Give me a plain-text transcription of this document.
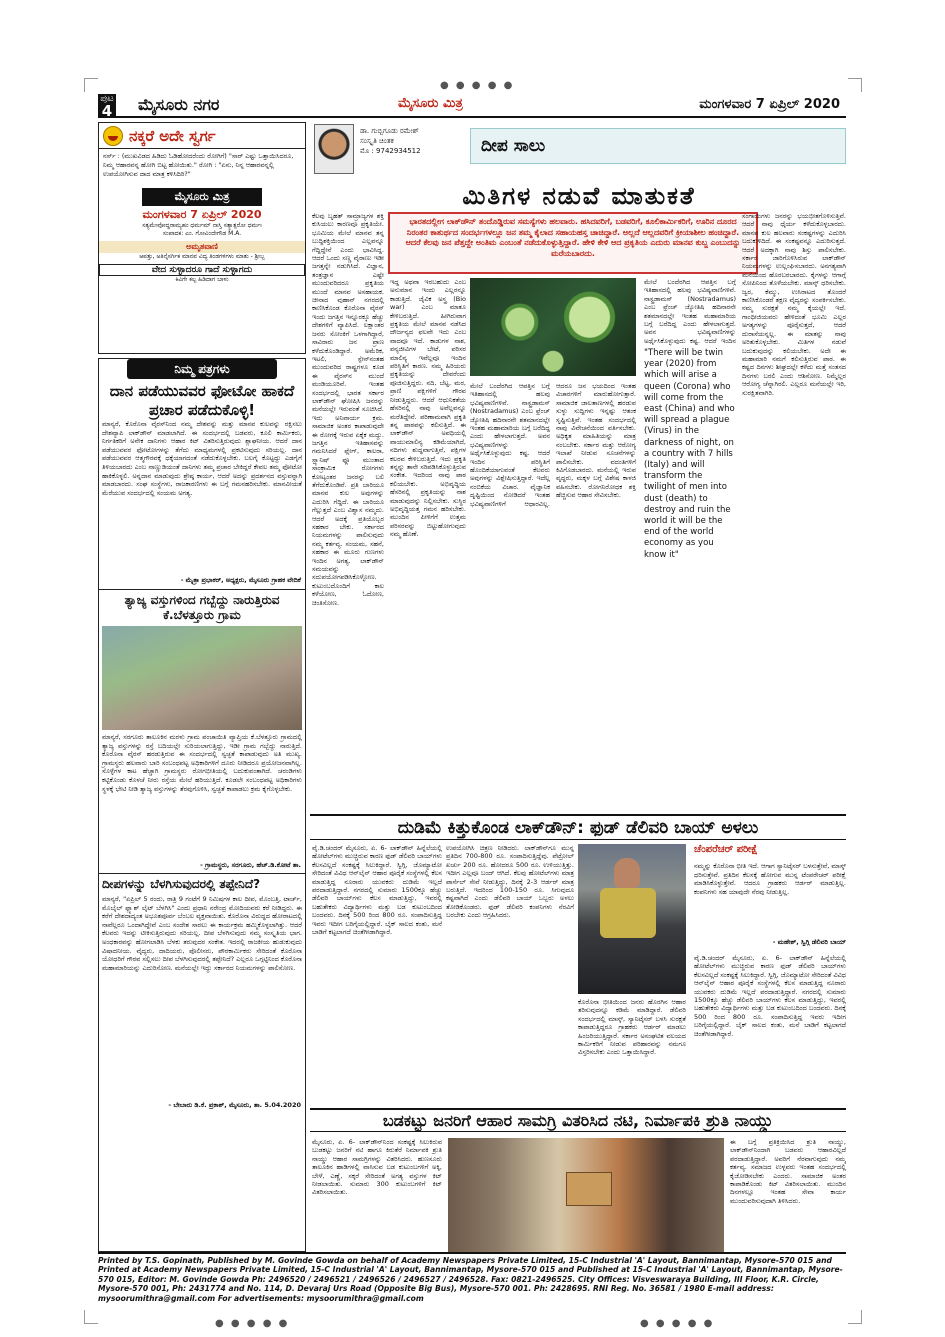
● ● ● ● ●
● ● ● ● ●	● ● ● ● ●
ಪುಟ
4 ಮೈಸೂರು ನಗರ	ಮೈಸೂರು ಮಿತ್ರ	ಮಂಗಳವಾರ 7 ಏಪ್ರಿಲ್ 2020
ನಕ್ಕರೆ ಅದೇ ಸ್ವರ್ಗ
ನರ್ಸ್ : (ಮುಖವಿಡದ ಹಿಡಿದು ಓಡಿಹೋದರೆಂದು ರೋಗಿಗೆ) "ಸಾರ್ ಎಷ್ಟು ಒತ್ತಾಯಿಸಿದರೂ, ನಿಮ್ಮ ಆಹಾರವನ್ನ ಹೋಗಿ ಬಿಟ್ಟ ಹೋಯಿತು." ರೋಗಿ : "ಏನು, ನಿನ್ನ ಆಹಾರವನ್ನಲ್ಲಿ ಉಪಯೋಗಿಸುವ ದಾದ ಮಾತ್ರ ಕಳಿಸಿದಿರಿ?"
ಮೈಸೂರು ಮಿತ್ರ
ಮಂಗಳವಾರ 7 ಏಪ್ರಿಲ್ 2020
ಸತ್ಯಮೇವೋದ್ಧರಾಮ್ಯಹಂ ಧರ್ಮಮ್ ನಾಸ್ತಿ ಸತ್ಯಾತ್ಪರೋ ಧರ್ಮಃ
ಸಂಪಾದಕ: ಎಂ. ಗೋವಿಂದೇಗೌಡ M.A.
ಅಮೃತವಾಣಿ
ಆಪತ್ತು, ಅತಿನೈಸರ್ಗಿಕ ಮಾನವ ವಿದ್ಯ ತಿಂಡಗಳಿಗಳು ಮಾತು - ಶ್ರೀಬ್ಬ
ವೇದ ಸುಳ್ಳಾದರೂ ಗಾದೆ ಸುಳ್ಳಾಗದು
ಕಿವಿಗೇ ಕಲ್ಪ ಹಿಡಿದಾಗ ಬಾಳು
ನಿಮ್ಮ ಪತ್ರಗಳು
ದಾನ ಪಡೆಯುವವರ ಫೋಟೋ ಹಾಕದೆ ಪ್ರಚಾರ ಪಡೆದುಕೊಳ್ಳಿ!
ಮಾನ್ಯರೆ, ಕೊರೊನಾ ವೈರಸ್‌ನಿಂದ ನಮ್ಮ ದೇಶವನ್ನು ಮತ್ತು ಮಾನವ ಕುಲವನ್ನು ರಕ್ಷಿಸಲು ದೇಶವ್ಯಾಪಿ ಲಾಕ್‌ಡೌನ್ ಮಾಡಲಾಗಿದೆ. ಈ ಸಂದರ್ಭದಲ್ಲಿ ಬಡವರು, ಕೂಲಿ ಕಾರ್ಮಿಕರು, ನಿರ್ಗತಿಕರಿಗೆ ಅನೇಕ ದಾನಿಗಳು ಆಹಾರ ಕಿಟ್ ವಿತರಿಸುತ್ತಿರುವುದು ಶ್ಲಾಘನೀಯ. ಆದರೆ ದಾನ ಪಡೆಯುವವರ ಫೋಟೋಗಳನ್ನು ತೆಗೆದು ಮಾಧ್ಯಮಗಳಲ್ಲಿ ಪ್ರಕಟಿಸುವುದು ಸರಿಯಲ್ಲ. ದಾನ ಪಡೆಯುವವರ ಆತ್ಮಗೌರವಕ್ಕೆ ಧಕ್ಕೆಯಾಗದಂತೆ ನಡೆದುಕೊಳ್ಳಬೇಕು. ಬಲಗೈ ಕೊಟ್ಟದ್ದು ಎಡಗೈಗೆ ತಿಳಿಯಬಾರದು ಎಂಬ ನಾಣ್ಣುಡಿಯಂತೆ ದಾನಿಗಳು ತಮ್ಮ ಪ್ರಚಾರ ಬೇಕಿದ್ದರೆ ಕೇವಲ ತಮ್ಮ ಫೋಟೋ ಹಾಕಿಕೊಳ್ಳಲಿ. ಅನ್ನದಾನ ಮಾಡುವುದು ಶ್ರೇಷ್ಠ ಕಾರ್ಯ, ಆದರೆ ಅದನ್ನು ಪ್ರದರ್ಶನದ ವಸ್ತುವನ್ನಾಗಿ ಮಾಡಬಾರದು. ಸಂಘ ಸಂಸ್ಥೆಗಳು, ರಾಜಕಾರಣಿಗಳು ಈ ಬಗ್ಗೆ ಗಮನಹರಿಸಬೇಕು. ಮಾನವೀಯತೆ ಮೆರೆಯುವ ಸಂದರ್ಭದಲ್ಲಿ ಸಂಯಮ ಅಗತ್ಯ.
- ಮೈತ್ರಾ ಪ್ರಭಾಕರ್, ಅಧ್ಯಕ್ಷರು, ಮೈಸೂರು ಗ್ರಾಹಕ ವೇದಿಕೆ
ತ್ಯಾಜ್ಯ ವಸ್ತುಗಳಿಂದ ಗಬ್ಬೆದ್ದು ನಾರುತ್ತಿರುವ ಕೆ.ಬೆಳತ್ತೂರು ಗ್ರಾಮ
ಮಾನ್ಯರೆ, ಸರಗೂರು ತಾಲೂಕಿನ ಮರಳು ಗ್ರಾಮ ಪಂಚಾಯಿತಿ ವ್ಯಾಪ್ತಿಯ ಕೆ.ಬೆಳತ್ತೂರು ಗ್ರಾಮದಲ್ಲಿ ತ್ಯಾಜ್ಯ ವಸ್ತುಗಳನ್ನು ರಸ್ತೆ ಬದಿಯಲ್ಲೇ ಸುರಿಯಲಾಗುತ್ತಿದ್ದು, ಇಡೀ ಗ್ರಾಮ ಗಬ್ಬೆದ್ದು ನಾರುತ್ತಿದೆ. ಕೊರೊನಾ ವೈರಸ್ ಹರಡುತ್ತಿರುವ ಈ ಸಂದರ್ಭದಲ್ಲಿ ಸ್ವಚ್ಛತೆ ಕಾಪಾಡುವುದು ಅತಿ ಮುಖ್ಯ. ಗ್ರಾಮಸ್ಥರು ಹಲವಾರು ಬಾರಿ ಸಂಬಂಧಪಟ್ಟ ಅಧಿಕಾರಿಗಳಿಗೆ ದೂರು ನೀಡಿದರೂ ಪ್ರಯೋಜನವಾಗಿಲ್ಲ. ಸೊಳ್ಳೆಗಳ ಕಾಟ ಹೆಚ್ಚಾಗಿ ಗ್ರಾಮಸ್ಥರು ರೋಗಭೀತಿಯಲ್ಲಿ ಬದುಕುವಂತಾಗಿದೆ. ಚರಂಡಿಗಳು ಕಟ್ಟಿಕೊಂಡು ಕೊಳಚೆ ನೀರು ರಸ್ತೆಯ ಮೇಲೆ ಹರಿಯುತ್ತಿದೆ. ಕೂಡಲೇ ಸಂಬಂಧಪಟ್ಟ ಅಧಿಕಾರಿಗಳು ಸ್ಥಳಕ್ಕೆ ಭೇಟಿ ನೀಡಿ ತ್ಯಾಜ್ಯ ವಸ್ತುಗಳನ್ನು ತೆರವುಗೊಳಿಸಿ, ಸ್ವಚ್ಛತೆ ಕಾಪಾಡಲು ಕ್ರಮ ಕೈಗೊಳ್ಳಬೇಕು.
- ಗ್ರಾಮಸ್ಥರು, ಸರಗೂರು, ಹೆಚ್.ಡಿ.ಕೋಟೆ ತಾ.
ದೀಪಗಳನ್ನು ಬೆಳಗಿಸುವುದರಲ್ಲಿ ತಪ್ಪೇನಿದೆ?
ಮಾನ್ಯರೆ, "ಏಪ್ರಿಲ್ 5 ರಂದು, ರಾತ್ರಿ 9 ಗಂಟೆಗೆ 9 ನಿಮಿಷಗಳ ಕಾಲ ದೀಪ, ಮೊಂಬತ್ತಿ, ಟಾರ್ಚ್, ಮೊಬೈಲ್ ಫ್ಲ್ಯಾಶ್ ಲೈಟ್ ಬೆಳಗಿಸಿ" ಎಂದು ಪ್ರಧಾನಿ ನರೇಂದ್ರ ಮೋದಿಯವರು ಕರೆ ನೀಡಿದ್ದರು. ಈ ಕರೆಗೆ ದೇಶದಾದ್ಯಂತ ಅಭೂತಪೂರ್ವ ಬೆಂಬಲ ವ್ಯಕ್ತವಾಯಿತು. ಕೊರೊನಾ ವಿರುದ್ಧದ ಹೋರಾಟದಲ್ಲಿ ನಾವೆಲ್ಲರೂ ಒಂದಾಗಿದ್ದೇವೆ ಎಂಬ ಸಂದೇಶ ಸಾರಲು ಈ ಕಾರ್ಯಕ್ರಮ ಹಮ್ಮಿಕೊಳ್ಳಲಾಗಿತ್ತು. ಆದರೆ ಕೆಲವರು ಇದನ್ನು ಟೀಕಿಸುತ್ತಿರುವುದು ಸರಿಯಲ್ಲ. ದೀಪ ಬೆಳಗಿಸುವುದು ನಮ್ಮ ಸಂಸ್ಕೃತಿಯ ಭಾಗ. ಅಂಧಕಾರವನ್ನು ಹೋಗಲಾಡಿಸಿ ಬೆಳಕು ತರುವುದರ ಸಂಕೇತ. ಇದರಲ್ಲಿ ರಾಜಕೀಯ ಹುಡುಕುವುದು ವಿಷಾದನೀಯ. ವೈದ್ಯರು, ದಾದಿಯರು, ಪೊಲೀಸರು, ಪೌರಕಾರ್ಮಿಕರು ಸೇರಿದಂತೆ ಕೊರೊನಾ ಯೋಧರಿಗೆ ಗೌರವ ಸಲ್ಲಿಸಲು ದೀಪ ಬೆಳಗಿಸುವುದರಲ್ಲಿ ತಪ್ಪೇನಿದೆ? ಎಲ್ಲರೂ ಒಗ್ಗಟ್ಟಿನಿಂದ ಕೊರೊನಾ ಮಹಾಮಾರಿಯನ್ನು ಎದುರಿಸೋಣ. ಮನೆಯಲ್ಲೇ ಇದ್ದು ಸರ್ಕಾರದ ನಿಯಮಗಳನ್ನು ಪಾಲಿಸೋಣ.
- ಬೇಬಾರು ಡಿ.ಕೆ. ಪ್ರಕಾಶ್, ಮೈಸೂರು, ತಾ. 5.04.2020
ಡಾ. ಗುಬ್ಬಿಗೂಡು ರಮೇಶ್
ಸಂಸ್ಕೃತಿ ಚಿಂತಕ
ಮೊ : 9742934512	ದೀಪ ಸಾಲು
ಮಿತಿಗಳ ನಡುವೆ ಮಾತುಕತೆ
ಭಾರತದಲ್ಲೀಗ ಲಾಕ್‌ಡೌನ್ ತಂದೊಡ್ಡಿರುವ ಸಮಸ್ಯೆಗಳು ಹಲವಾರು. ಹಸಿದವರಿಗೆ, ಬಡವರಿಗೆ, ಕೂಲಿಕಾರ್ಮಿಕರಿಗೆ, ಊರಿನ ದೂರದ ನಿರಂತರ ಕಾತುರ್ಥದ ಸಂದರ್ಭಗಳಲ್ಲೂ ಜನ ತಮ್ಮ ಕೈಲಾದ ಸಹಾಯಹಸ್ತ ಚಾಚಿದ್ದಾರೆ. ಅಲ್ಲದೆ ಆಲ್ಲದವರಿಗೆ ಕ್ರೀಯಾಶೀಲ ಹಂಚಿದ್ದಾರೆ. ಆದರೆ ಕೆಲವು ಜನ ಪೆತ್ತದ್ದೇ ಅಂತಿಮ ಎಂಬಂತೆ ನಡೆದುಕೊಳ್ಳುತ್ತಿದ್ದಾರೆ. ಹೇಳಿ ಕೇಳಿ ಆದ ಪ್ರಕೃತಿಯ ಎದುರು ಮಾನವ ಕುಬ್ಜ ಎಂಬುದನ್ನು ಮರೆಯಬಾರದು.
ಕೆಲವು ಬೃಹತ್ ಸಾಮ್ರಾಜ್ಯಗಳ ಶಕ್ತಿ ಕುಸಿಯಲು ಕಾರಣವೂ ಪ್ರಕೃತಿಯೇ. ಭೂಮಿಯ ಮೇಲೆ ಮಾನವ ತನ್ನ ಬುದ್ಧಿಶಕ್ತಿಯಿಂದ ಎಲ್ಲವನ್ನೂ ಗೆದ್ದಿದ್ದೇನೆ ಎಂದು ಭಾವಿಸಿದ್ದ. ಆದರೆ ಒಂದು ಸಣ್ಣ ವೈರಾಣು ಇಡೀ ಜಗತ್ತನ್ನೇ ನಡುಗಿಸಿದೆ. ವಿಜ್ಞಾನ, ತಂತ್ರಜ್ಞಾನ ಎಷ್ಟೇ ಮುಂದುವರಿದರೂ ಪ್ರಕೃತಿಯ ಮುಂದೆ ಮಾನವ ಅಸಹಾಯಕ. ಚೀನಾದ ವುಹಾನ್ ನಗರದಲ್ಲಿ ಕಾಣಿಸಿಕೊಂಡ ಕೊರೊನಾ ವೈರಸ್ ಇಂದು ಜಗತ್ತಿನ ಇನ್ನೂರಕ್ಕೂ ಹೆಚ್ಚು ದೇಶಗಳಿಗೆ ವ್ಯಾಪಿಸಿದೆ. ಲಕ್ಷಾಂತರ ಜನರು ಸೋಂಕಿಗೆ ಒಳಗಾಗಿದ್ದಾರೆ, ಸಾವಿರಾರು ಜನ ಪ್ರಾಣ ಕಳೆದುಕೊಂಡಿದ್ದಾರೆ. ಅಮೆರಿಕ, ಇಟಲಿ, ಸ್ಪೇನ್‌ನಂತಹ ಮುಂದುವರಿದ ರಾಷ್ಟ್ರಗಳೂ ಕೂಡ ಈ ವೈರಸ್‌ನ ಮುಂದೆ ಮಂಡಿಯೂರಿವೆ. ಇಂತಹ ಸಂದರ್ಭದಲ್ಲಿ ಭಾರತ ಸರ್ಕಾರ ಲಾಕ್‌ಡೌನ್ ಘೋಷಿಸಿ ಜನರನ್ನು ಮನೆಯಲ್ಲೇ ಇರುವಂತೆ ಸೂಚಿಸಿದೆ. ಇದು ಅನಿವಾರ್ಯ ಕ್ರಮ. ಸಾಮಾಜಿಕ ಅಂತರ ಕಾಪಾಡುವುದೇ ಈ ರೋಗಕ್ಕೆ ಇರುವ ಏಕೈಕ ಮದ್ದು. ಜಗತ್ತಿನ ಇತಿಹಾಸವನ್ನು ಗಮನಿಸಿದರೆ ಪ್ಲೇಗ್, ಕಾಲರಾ, ಸ್ಪ್ಯಾನಿಷ್ ಫ್ಲೂ ಮುಂತಾದ ಸಾಂಕ್ರಾಮಿಕ ರೋಗಗಳು ಕೋಟ್ಯಂತರ ಜನರನ್ನು ಬಲಿ ತೆಗೆದುಕೊಂಡಿವೆ. ಪ್ರತಿ ಬಾರಿಯೂ ಮಾನವ ಕುಲ ಅವುಗಳನ್ನು ಎದುರಿಸಿ ಗೆದ್ದಿದೆ. ಈ ಬಾರಿಯೂ ಗೆಲ್ಲುತ್ತದೆ ಎಂಬ ವಿಶ್ವಾಸ ನಮ್ಮದು. ಆದರೆ ಅದಕ್ಕೆ ಪ್ರತಿಯೊಬ್ಬರ ಸಹಕಾರ ಬೇಕು. ಸರ್ಕಾರದ ನಿಯಮಗಳನ್ನು ಪಾಲಿಸುವುದು ನಮ್ಮ ಕರ್ತವ್ಯ. ಸಂಯಮ, ಸಹನೆ, ಸಹಕಾರ ಈ ಮೂರು ಗುಣಗಳು ಇಂದಿನ ಅಗತ್ಯ. ಲಾಕ್‌ಡೌನ್ ಸಮಯವನ್ನು ಸದುಪಯೋಗಪಡಿಸಿಕೊಳ್ಳೋಣ. ಕುಟುಂಬದೊಂದಿಗೆ ಕಾಲ ಕಳೆಯೋಣ, ಓದೋಣ, ಚಿಂತಿಸೋಣ.
ಇದ್ದ ಅಥವಾ ಇರಬಹುದು ಎಂಬ ಅನುಮಾನ ಇಂದು ಎಲ್ಲರನ್ನೂ ಕಾಡುತ್ತಿದೆ. ಜೈವಿಕ ಅಸ್ತ್ರ (Bio war) ಎಂಬ ಮಾತೂ ಕೇಳಿಬರುತ್ತಿದೆ. ಹೀಗಿರುವಾಗ ಪ್ರಕೃತಿಯ ಮೇಲೆ ಮಾನವ ನಡೆಸಿದ ದೌರ್ಜನ್ಯದ ಫಲವೇ ಇದು ಎಂಬ ವಾದವೂ ಇದೆ. ಕಾಡುಗಳ ನಾಶ, ವನ್ಯಜೀವಿಗಳ ಬೇಟೆ, ಪರಿಸರ ಮಾಲಿನ್ಯ ಇವೆಲ್ಲವೂ ಇಂದಿನ ಪರಿಸ್ಥಿತಿಗೆ ಕಾರಣ. ನಮ್ಮ ಹಿರಿಯರು ಪ್ರಕೃತಿಯನ್ನು ದೇವರೆಂದು ಪೂಜಿಸುತ್ತಿದ್ದರು. ನದಿ, ಬೆಟ್ಟ, ಮರ, ಪ್ರಾಣಿ ಪಕ್ಷಿಗಳಿಗೆ ಗೌರವ ನೀಡುತ್ತಿದ್ದರು. ಆದರೆ ಆಧುನಿಕತೆಯ ಹೆಸರಿನಲ್ಲಿ ನಾವು ಅವೆಲ್ಲವನ್ನೂ ಮರೆತಿದ್ದೇವೆ. ಪರಿಣಾಮವಾಗಿ ಪ್ರಕೃತಿ ತನ್ನ ಪಾಠವನ್ನು ಕಲಿಸುತ್ತಿದೆ. ಈ ಲಾಕ್‌ಡೌನ್ ಅವಧಿಯಲ್ಲಿ ವಾಯುಮಾಲಿನ್ಯ ಕಡಿಮೆಯಾಗಿದೆ, ನದಿಗಳು ಶುದ್ಧವಾಗುತ್ತಿವೆ, ಪಕ್ಷಿಗಳ ಕಲರವ ಕೇಳಿಬರುತ್ತಿದೆ. ಇದು ಪ್ರಕೃತಿ ತನ್ನನ್ನು ತಾನೇ ಸರಿಪಡಿಸಿಕೊಳ್ಳುತ್ತಿರುವ ಸಂಕೇತ. ಇದರಿಂದ ನಾವು ಪಾಠ ಕಲಿಯಬೇಕು. ಅಭಿವೃದ್ಧಿಯ ಹೆಸರಿನಲ್ಲಿ ಪ್ರಕೃತಿಯನ್ನು ನಾಶ ಮಾಡುವುದನ್ನು ನಿಲ್ಲಿಸಬೇಕು. ಸುಸ್ಥಿರ ಅಭಿವೃದ್ಧಿಯತ್ತ ಗಮನ ಹರಿಸಬೇಕು. ಮುಂದಿನ ಪೀಳಿಗೆಗೆ ಉತ್ತಮ ಪರಿಸರವನ್ನು ಬಿಟ್ಟುಹೋಗುವುದು ನಮ್ಮ ಹೊಣೆ.
ಮೇಲೆ ಬಂದೆರಗಿದ ಆಪತ್ತಿನ ಬಗ್ಗೆ ಇತಿಹಾಸದಲ್ಲಿ ಹಲವು ಭವಿಷ್ಯವಾಣಿಗಳಿವೆ. ನಾಸ್ಟ್ರಡಾಮಸ್ (Nostradamus) ಎಂಬ ಫ್ರೆಂಚ್ ಜ್ಯೋತಿಷಿ ಹದಿನಾರನೇ ಶತಮಾನದಲ್ಲೇ ಇಂತಹ ಮಹಾಮಾರಿಯ ಬಗ್ಗೆ ಬರೆದಿದ್ದ ಎಂದು ಹೇಳಲಾಗುತ್ತದೆ. ಅವನ ಭವಿಷ್ಯವಾಣಿಗಳನ್ನು ಅರ್ಥೈಸಿಕೊಳ್ಳುವುದು ಕಷ್ಟ. ಆದರೆ ಇಂದಿನ ಪರಿಸ್ಥಿತಿಗೆ ಹೊಂದಿಕೆಯಾಗುವಂತೆ ಕೆಲವರು ಅವುಗಳನ್ನು ವಿಶ್ಲೇಷಿಸುತ್ತಿದ್ದಾರೆ. ಇದೆಲ್ಲ ನಂಬಿಕೆಯ ವಿಚಾರ. ವೈಜ್ಞಾನಿಕ ದೃಷ್ಟಿಯಿಂದ ನೋಡಿದರೆ ಇಂತಹ ಭವಿಷ್ಯವಾಣಿಗಳಿಗೆ ಆಧಾರವಿಲ್ಲ. ಆದರೂ ಜನ ಭಯದಿಂದ ಇಂತಹ ವಿಚಾರಗಳಿಗೆ ಮಾರುಹೋಗುತ್ತಾರೆ. ಸಾಮಾಜಿಕ ಜಾಲತಾಣಗಳಲ್ಲಿ ಹರಡುವ ಸುಳ್ಳು ಸುದ್ದಿಗಳು ಇನ್ನಷ್ಟು ಆತಂಕ ಸೃಷ್ಟಿಸುತ್ತಿವೆ. ಇಂತಹ ಸಂದರ್ಭದಲ್ಲಿ ನಾವು ವಿವೇಚನೆಯಿಂದ ವರ್ತಿಸಬೇಕು. ಅಧಿಕೃತ ಮಾಹಿತಿಯನ್ನು ಮಾತ್ರ ನಂಬಬೇಕು. ಸರ್ಕಾರ ಮತ್ತು ಆರೋಗ್ಯ ಇಲಾಖೆ ನೀಡುವ ಸೂಚನೆಗಳನ್ನು ಪಾಲಿಸಬೇಕು. ವದಂತಿಗಳಿಗೆ ಕಿವಿಗೊಡಬಾರದು. ಮನೆಯಲ್ಲಿ ಇರುವ ವೃದ್ಧರು, ಮಕ್ಕಳ ಬಗ್ಗೆ ವಿಶೇಷ ಕಾಳಜಿ ವಹಿಸಬೇಕು. ರೋಗನಿರೋಧಕ ಶಕ್ತಿ ಹೆಚ್ಚಿಸುವ ಆಹಾರ ಸೇವಿಸಬೇಕು.
ಮೇಲೆ ಬಂದೆರಗಿದ ಆಪತ್ತಿನ ಬಗ್ಗೆ ಇತಿಹಾಸದಲ್ಲಿ ಹಲವು ಭವಿಷ್ಯವಾಣಿಗಳಿವೆ. ನಾಸ್ಟ್ರಡಾಮಸ್ (Nostradamus) ಎಂಬ ಫ್ರೆಂಚ್ ಜ್ಯೋತಿಷಿ ಹದಿನಾರನೇ ಶತಮಾನದಲ್ಲೇ ಇಂತಹ ಮಹಾಮಾರಿಯ ಬಗ್ಗೆ ಬರೆದಿದ್ದ ಎಂದು ಹೇಳಲಾಗುತ್ತದೆ. ಅವನ ಭವಿಷ್ಯವಾಣಿಗಳನ್ನು ಅರ್ಥೈಸಿಕೊಳ್ಳುವುದು ಕಷ್ಟ. ಆದರೆ ಇಂದಿನ
"There will be twin year (2020) from which will arise a queen (Corona) who will come from the east (China) and who will spread a plague (Virus) in the darkness of night, on a country with 7 hills (Italy) and will transform the twilight of men into dust (death) to destroy and ruin the world it will be the end of the world economy as you know it"
ಸಂಗಾಯಿಗಳು ಜನರನ್ನು ಭಯಭೀತಗೊಳಿಸುತ್ತಿವೆ. ಆದರೆ ನಾವು ಧೈರ್ಯ ಕಳೆದುಕೊಳ್ಳಬಾರದು. ಮಾನವ ಕುಲ ಹಲವಾರು ಸಂಕಷ್ಟಗಳನ್ನು ಎದುರಿಸಿ ಬದುಕುಳಿದಿದೆ. ಈ ಸಂಕಷ್ಟವನ್ನೂ ಎದುರಿಸುತ್ತದೆ. ಆದರೆ ಅದಕ್ಕಾಗಿ ನಾವು ಶಿಸ್ತು ಪಾಲಿಸಬೇಕು. ಸರ್ಕಾರ ಜಾರಿಗೊಳಿಸಿರುವ ಲಾಕ್‌ಡೌನ್ ನಿಯಮಗಳನ್ನು ಉಲ್ಲಂಘಿಸಬಾರದು. ಅನಗತ್ಯವಾಗಿ ಮನೆಯಿಂದ ಹೊರಬರಬಾರದು. ಕೈಗಳನ್ನು ಆಗಾಗ್ಗೆ ಸೋಪಿನಿಂದ ತೊಳೆಯಬೇಕು. ಮಾಸ್ಕ್ ಧರಿಸಬೇಕು. ಜ್ವರ, ಕೆಮ್ಮು, ಉಸಿರಾಟದ ತೊಂದರೆ ಕಾಣಿಸಿಕೊಂಡರೆ ತಕ್ಷಣ ವೈದ್ಯರನ್ನು ಸಂಪರ್ಕಿಸಬೇಕು. ನಮ್ಮ ಸುರಕ್ಷತೆ ನಮ್ಮ ಕೈಯಲ್ಲೇ ಇದೆ. ಗಾಂಧೀಜಿಯವರು ಹೇಳಿದಂತೆ ಭೂಮಿ ಎಲ್ಲರ ಅಗತ್ಯಗಳನ್ನು ಪೂರೈಸುತ್ತದೆ, ಆದರೆ ದುರಾಸೆಯನ್ನಲ್ಲ. ಈ ಮಾತನ್ನು ನಾವು ಅರಿತುಕೊಳ್ಳಬೇಕು. ಮಿತಿಗಳ ನಡುವೆ ಬದುಕುವುದನ್ನು ಕಲಿಯಬೇಕು. ಅದೇ ಈ ಮಹಾಮಾರಿ ನಮಗೆ ಕಲಿಸುತ್ತಿರುವ ಪಾಠ. ಈ ಕಷ್ಟದ ದಿನಗಳು ಶೀಘ್ರದಲ್ಲೇ ಕಳೆದು ಮತ್ತೆ ಸಂತಸದ ದಿನಗಳು ಬರಲಿ ಎಂದು ಆಶಿಸೋಣ. ನಿಮ್ಮೆಲ್ಲರ ಆರೋಗ್ಯ ಚೆನ್ನಾಗಿರಲಿ. ಎಲ್ಲರೂ ಮನೆಯಲ್ಲೇ ಇರಿ, ಸುರಕ್ಷಿತವಾಗಿರಿ.
ದುಡಿಮೆ ಕಿತ್ತುಕೊಂಡ ಲಾಕ್‌ಡೌನ್: ಫುಡ್ ಡೆಲಿವರಿ ಬಾಯ್ ಅಳಲು
ವೈ.ಡಿ.ಚಂದರ್ ಮೈಸೂರು, ಏ. 6- ಲಾಕ್‌ಡೌನ್ ಹಿನ್ನೆಲೆಯಲ್ಲಿ ಹೋಟೆಲ್‌ಗಳು ಮುಚ್ಚಿರುವ ಕಾರಣ ಫುಡ್ ಡೆಲಿವರಿ ಬಾಯ್‌ಗಳು ಕೆಲಸವಿಲ್ಲದೆ ಸಂಕಷ್ಟಕ್ಕೆ ಸಿಲುಕಿದ್ದಾರೆ. ಸ್ವಿಗ್ಗಿ, ಜೊಮ್ಯಾಟೋ ಸೇರಿದಂತೆ ವಿವಿಧ ಆನ್‌ಲೈನ್ ಆಹಾರ ಪೂರೈಕೆ ಸಂಸ್ಥೆಗಳಲ್ಲಿ ಕೆಲಸ ಮಾಡುತ್ತಿದ್ದ ನೂರಾರು ಯುವಕರು ದುಡಿಮೆ ಇಲ್ಲದೆ ಪರದಾಡುತ್ತಿದ್ದಾರೆ. ನಗರದಲ್ಲಿ ಸುಮಾರು 1500ಕ್ಕೂ ಹೆಚ್ಚು ಡೆಲಿವರಿ ಬಾಯ್‌ಗಳು ಕೆಲಸ ಮಾಡುತ್ತಿದ್ದು, ಇವರಲ್ಲಿ ಬಹುತೇಕರು ವಿದ್ಯಾರ್ಥಿಗಳು ಮತ್ತು ಬಡ ಕುಟುಂಬದಿಂದ ಬಂದವರು. ದಿನಕ್ಕೆ 500 ರಿಂದ 800 ರೂ. ಸಂಪಾದಿಸುತ್ತಿದ್ದ ಇವರು ಇದೀಗ ಬರಿಗೈಯಲ್ಲಿದ್ದಾರೆ. ಬೈಕ್ ಸಾಲದ ಕಂತು, ಮನೆ ಬಾಡಿಗೆ ಕಟ್ಟಲಾಗದೆ ಚಿಂತೆಗೀಡಾಗಿದ್ದಾರೆ.
ಉಪಯೋಗಿಸಿ ಚಿತ್ರಣ ನೀಡಿದರು. ಲಾಕ್‌ಡೌನ್‌ಗೂ ಮುನ್ನ ಪ್ರತಿದಿನ 700-800 ರೂ. ಸಂಪಾದಿಸುತ್ತಿದ್ದೆವು. ಪೆಟ್ರೋಲ್ ಖರ್ಚು 200 ರೂ. ಹೋದರೂ 500 ರೂ. ಉಳಿಯುತ್ತಿತ್ತು. ಇದೀಗ ಎಲ್ಲವೂ ಬಂದ್ ಆಗಿದೆ. ಕೆಲವು ಹೋಟೆಲ್‌ಗಳು ಮಾತ್ರ ಪಾರ್ಸೆಲ್ ಸೇವೆ ನೀಡುತ್ತಿದ್ದು, ದಿನಕ್ಕೆ 2-3 ಆರ್ಡರ್ ಮಾತ್ರ ಬರುತ್ತಿದೆ. ಇದರಿಂದ 100-150 ರೂ. ಸಿಗುವುದೂ ಕಷ್ಟವಾಗಿದೆ ಎಂದು ಡೆಲಿವರಿ ಬಾಯ್ ಒಬ್ಬರು ಅಳಲು ತೋಡಿಕೊಂಡರು. ಫುಡ್ ಡೆಲಿವರಿ ಕಂಪನಿಗಳು ನೆರವಿಗೆ ಬರಬೇಕು ಎಂದು ಆಗ್ರಹಿಸಿದರು.
ಕೊರೊನಾ ಭೀತಿಯಿಂದ ಜನರು ಹೊರಗಿನ ಆಹಾರ ತರಿಸುವುದನ್ನೂ ಕಡಿಮೆ ಮಾಡಿದ್ದಾರೆ. ಡೆಲಿವರಿ ಸಂದರ್ಭದಲ್ಲಿ ಮಾಸ್ಕ್, ಸ್ಯಾನಿಟೈಸರ್ ಬಳಸಿ ಸುರಕ್ಷತೆ ಕಾಪಾಡುತ್ತಿದ್ದರೂ ಗ್ರಾಹಕರು ಆರ್ಡರ್ ಮಾಡಲು ಹಿಂಜರಿಯುತ್ತಿದ್ದಾರೆ. ಸರ್ಕಾರ ಅಸಂಘಟಿತ ವಲಯದ ಕಾರ್ಮಿಕರಿಗೆ ನೀಡುವ ಪರಿಹಾರವನ್ನು ನಮಗೂ ವಿಸ್ತರಿಸಬೇಕು ಎಂದು ಒತ್ತಾಯಿಸಿದ್ದಾರೆ.
ಚೆಂಪರೆಚರ್ ಪರೀಕ್ಷೆ
ನಮ್ಮನ್ನು ಕೊರೊನಾ ಭೀತಿ ಇದೆ. ಆಗಾಗ ಸ್ಯಾನಿಟೈಸರ್ ಬಳಸುತ್ತೇವೆ, ಮಾಸ್ಕ್ ಧರಿಸುತ್ತೇವೆ. ಪ್ರತಿದಿನ ಕೆಲಸಕ್ಕೆ ಹೋಗುವ ಮುನ್ನ ಟೆಂಪರೇಚರ್ ಪರೀಕ್ಷೆ ಮಾಡಿಸಿಕೊಳ್ಳುತ್ತೇವೆ. ಆದರೂ ಗ್ರಾಹಕರು ಆರ್ಡರ್ ಮಾಡುತ್ತಿಲ್ಲ. ಕಂಪನಿಗಳು ಸಹ ಯಾವುದೇ ನೆರವು ನೀಡುತ್ತಿಲ್ಲ.
- ಮಹೇಶ್, ಸ್ವಿಗ್ಗಿ ಡೆಲಿವರಿ ಬಾಯ್
ವೈ.ಡಿ.ಚಂದರ್ ಮೈಸೂರು, ಏ. 6- ಲಾಕ್‌ಡೌನ್ ಹಿನ್ನೆಲೆಯಲ್ಲಿ ಹೋಟೆಲ್‌ಗಳು ಮುಚ್ಚಿರುವ ಕಾರಣ ಫುಡ್ ಡೆಲಿವರಿ ಬಾಯ್‌ಗಳು ಕೆಲಸವಿಲ್ಲದೆ ಸಂಕಷ್ಟಕ್ಕೆ ಸಿಲುಕಿದ್ದಾರೆ. ಸ್ವಿಗ್ಗಿ, ಜೊಮ್ಯಾಟೋ ಸೇರಿದಂತೆ ವಿವಿಧ ಆನ್‌ಲೈನ್ ಆಹಾರ ಪೂರೈಕೆ ಸಂಸ್ಥೆಗಳಲ್ಲಿ ಕೆಲಸ ಮಾಡುತ್ತಿದ್ದ ನೂರಾರು ಯುವಕರು ದುಡಿಮೆ ಇಲ್ಲದೆ ಪರದಾಡುತ್ತಿದ್ದಾರೆ. ನಗರದಲ್ಲಿ ಸುಮಾರು 1500ಕ್ಕೂ ಹೆಚ್ಚು ಡೆಲಿವರಿ ಬಾಯ್‌ಗಳು ಕೆಲಸ ಮಾಡುತ್ತಿದ್ದು, ಇವರಲ್ಲಿ ಬಹುತೇಕರು ವಿದ್ಯಾರ್ಥಿಗಳು ಮತ್ತು ಬಡ ಕುಟುಂಬದಿಂದ ಬಂದವರು. ದಿನಕ್ಕೆ 500 ರಿಂದ 800 ರೂ. ಸಂಪಾದಿಸುತ್ತಿದ್ದ ಇವರು ಇದೀಗ ಬರಿಗೈಯಲ್ಲಿದ್ದಾರೆ. ಬೈಕ್ ಸಾಲದ ಕಂತು, ಮನೆ ಬಾಡಿಗೆ ಕಟ್ಟಲಾಗದೆ ಚಿಂತೆಗೀಡಾಗಿದ್ದಾರೆ.
ಬಡಕಟ್ಟು ಜನರಿಗೆ ಆಹಾರ ಸಾಮಗ್ರಿ ವಿತರಿಸಿದ ನಟಿ, ನಿರ್ಮಾಪಕಿ ಶ್ರುತಿ ನಾಯ್ಡು
ಮೈಸೂರು, ಏ. 6- ಲಾಕ್‌ಡೌನ್‌ನಿಂದ ಸಂಕಷ್ಟಕ್ಕೆ ಸಿಲುಕಿರುವ ಬುಡಕಟ್ಟು ಜನರಿಗೆ ನಟಿ ಹಾಗೂ ಕಿರುತೆರೆ ನಿರ್ಮಾಪಕಿ ಶ್ರುತಿ ನಾಯ್ಡು ಆಹಾರ ಸಾಮಗ್ರಿಗಳನ್ನು ವಿತರಿಸಿದರು. ಹುಣಸೂರು ತಾಲೂಕಿನ ಹಾಡಿಗಳಲ್ಲಿ ವಾಸಿಸುವ ಬಡ ಕುಟುಂಬಗಳಿಗೆ ಅಕ್ಕಿ, ಬೇಳೆ, ಎಣ್ಣೆ, ಸಕ್ಕರೆ ಸೇರಿದಂತೆ ಅಗತ್ಯ ವಸ್ತುಗಳ ಕಿಟ್ ನೀಡಲಾಯಿತು. ಸುಮಾರು 300 ಕುಟುಂಬಗಳಿಗೆ ಕಿಟ್ ವಿತರಿಸಲಾಯಿತು.
ಈ ಬಗ್ಗೆ ಪ್ರತಿಕ್ರಿಯಿಸಿದ ಶ್ರುತಿ ನಾಯ್ಡು, ಲಾಕ್‌ಡೌನ್‌ನಿಂದಾಗಿ ಬಡವರು ಆಹಾರವಿಲ್ಲದೆ ಪರದಾಡುತ್ತಿದ್ದಾರೆ. ಅವರಿಗೆ ನೆರವಾಗುವುದು ನಮ್ಮ ಕರ್ತವ್ಯ. ಸಮಾಜದ ಉಳ್ಳವರು ಇಂತಹ ಸಂದರ್ಭದಲ್ಲಿ ಕೈಜೋಡಿಸಬೇಕು ಎಂದರು. ಸಾಮಾಜಿಕ ಅಂತರ ಕಾಪಾಡಿಕೊಂಡು ಕಿಟ್ ವಿತರಿಸಲಾಯಿತು. ಮುಂದಿನ ದಿನಗಳಲ್ಲೂ ಇಂತಹ ಸೇವಾ ಕಾರ್ಯ ಮುಂದುವರಿಸುವುದಾಗಿ ತಿಳಿಸಿದರು.
Printed by T.S. Gopinath, Published by M. Govinde Gowda on behalf of Academy Newspapers Private Limited, 15-C Industrial 'A' Layout, Bannimantap, Mysore-570 015 and Printed at Academy Newspapers Private Limited, 15-C Industrial 'A' Layout, Bannimantap, Mysore-570 015 and Published at 15-C Industrial 'A' Layout, Bannimantap, Mysore-570 015, Editor: M. Govinde Gowda Ph: 2496520 / 2496521 / 2496526 / 2496527 / 2496528. Fax: 0821-2496525. City Offices: Visveswaraya Building, III Floor, K.R. Circle, Mysore-570 001, Ph: 2431774 and No. 114, D. Devaraj Urs Road (Opposite Big Bus), Mysore-570 001. Ph: 2428695. RNI Reg. No. 36581 / 1980 E-mail address: mysoorumithra@gmail.com For advertisements: mysoorumithra@gmail.com
